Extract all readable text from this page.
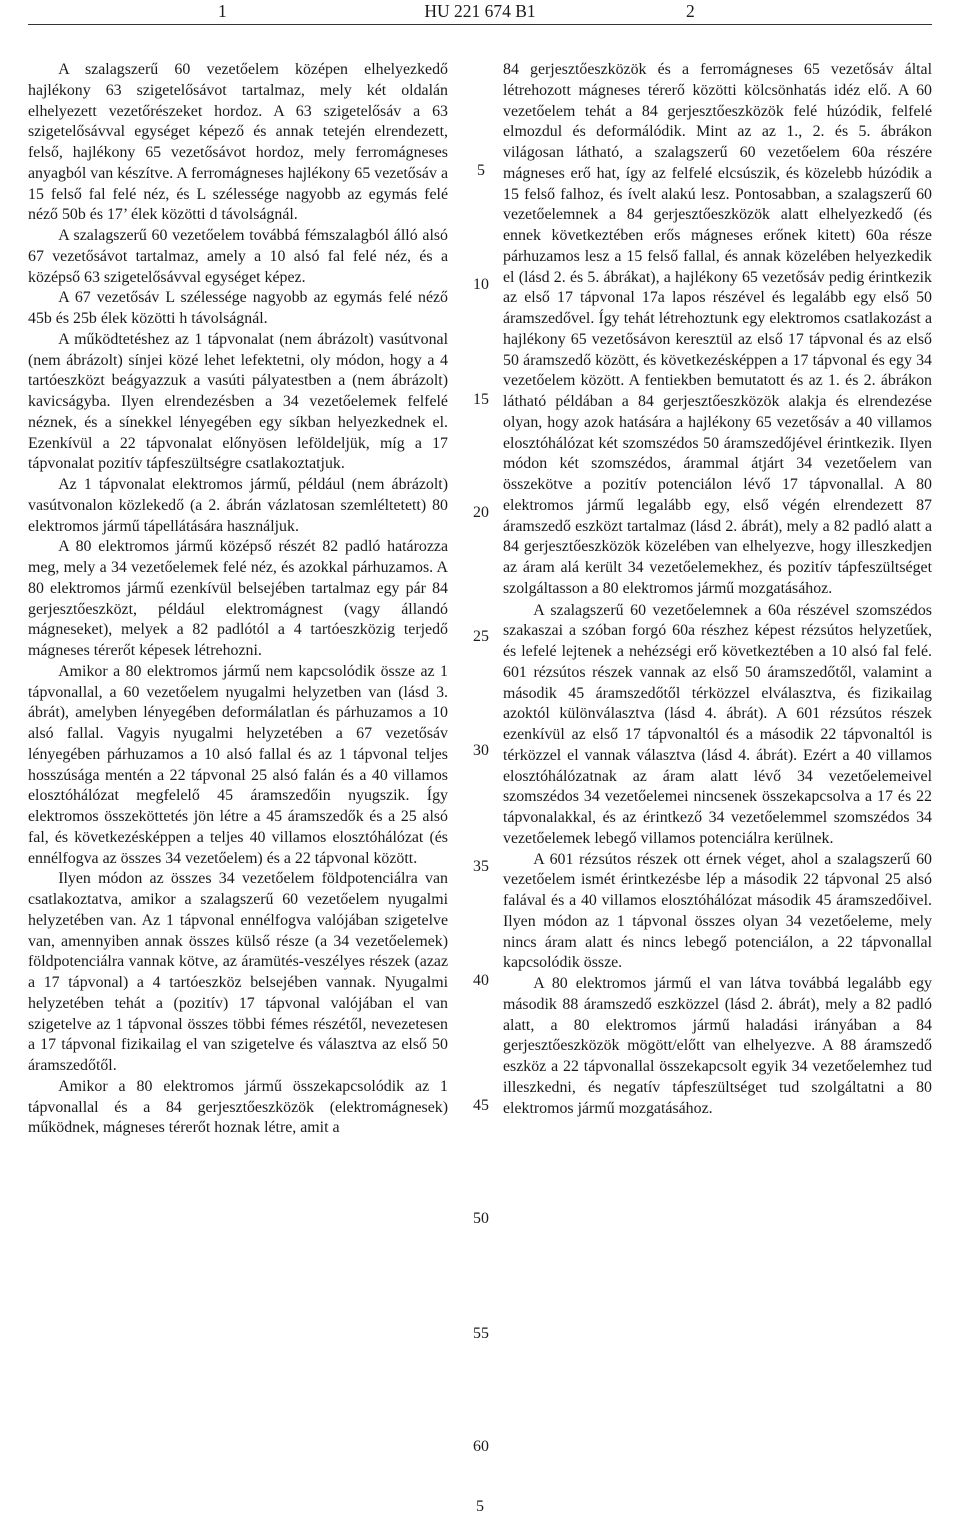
1	HU 221 674 B1	2

A szalagszerű 60 vezetőelem középen elhelyezkedő hajlékony 63 szigetelősávot tartalmaz, mely két oldalán elhelyezett vezetőrészeket hordoz. A 63 szigetelősáv a 63 szigetelősávval egységet képező és annak tetején elrendezett, felső, hajlékony 65 vezetősávot hordoz, mely ferromágneses anyagból van készítve. A ferromágneses hajlékony 65 vezetősáv a 15 felső fal felé néz, és L szélessége nagyobb az egymás felé néző 50b és 17’ élek közötti d távolságnál.

A szalagszerű 60 vezetőelem továbbá fémszalagból álló alsó 67 vezetősávot tartalmaz, amely a 10 alsó fal felé néz, és a középső 63 szigetelősávval egységet képez.

A 67 vezetősáv L szélessége nagyobb az egymás felé néző 45b és 25b élek közötti h távolságnál.

A működtetéshez az 1 tápvonalat (nem ábrázolt) vasútvonal (nem ábrázolt) sínjei közé lehet lefektetni, oly módon, hogy a 4 tartóeszközt beágyazzuk a vasúti pályatestben a (nem ábrázolt) kavicságyba. Ilyen elrendezésben a 34 vezetőelemek felfelé néznek, és a sínekkel lényegében egy síkban helyezkednek el. Ezenkívül a 22 tápvonalat előnyösen leföldeljük, míg a 17 tápvonalat pozitív tápfeszültségre csatlakoztatjuk.

Az 1 tápvonalat elektromos jármű, például (nem ábrázolt) vasútvonalon közlekedő (a 2. ábrán vázlatosan szemléltetett) 80 elektromos jármű tápellátására használjuk.

A 80 elektromos jármű középső részét 82 padló határozza meg, mely a 34 vezetőelemek felé néz, és azokkal párhuzamos. A 80 elektromos jármű ezenkívül belsejében tartalmaz egy pár 84 gerjesztőeszközt, például elektromágnest (vagy állandó mágneseket), melyek a 82 padlótól a 4 tartóeszközig terjedő mágneses térerőt képesek létrehozni.

Amikor a 80 elektromos jármű nem kapcsolódik össze az 1 tápvonallal, a 60 vezetőelem nyugalmi helyzetben van (lásd 3. ábrát), amelyben lényegében deformálatlan és párhuzamos a 10 alsó fallal. Vagyis nyugalmi helyzetében a 67 vezetősáv lényegében párhuzamos a 10 alsó fallal és az 1 tápvonal teljes hosszúsága mentén a 22 tápvonal 25 alsó falán és a 40 villamos elosztóhálózat megfelelő 45 áramszedőin nyugszik. Így elektromos összeköttetés jön létre a 45 áramszedők és a 25 alsó fal, és következésképpen a teljes 40 villamos elosztóhálózat (és ennélfogva az összes 34 vezetőelem) és a 22 tápvonal között.

Ilyen módon az összes 34 vezetőelem földpotenciálra van csatlakoztatva, amikor a szalagszerű 60 vezetőelem nyugalmi helyzetében van. Az 1 tápvonal ennélfogva valójában szigetelve van, amennyiben annak összes külső része (a 34 vezetőelemek) földpotenciálra vannak kötve, az áramütés-veszélyes részek (azaz a 17 tápvonal) a 4 tartóeszköz belsejében vannak. Nyugalmi helyzetében tehát a (pozitív) 17 tápvonal valójában el van szigetelve az 1 tápvonal összes többi fémes részétől, nevezetesen a 17 tápvonal fizikailag el van szigetelve és választva az első 50 áramszedőtől.

Amikor a 80 elektromos jármű összekapcsolódik az 1 tápvonallal és a 84 gerjesztőeszközök (elektromágnesek) működnek, mágneses térerőt hoznak létre, amit a

84 gerjesztőeszközök és a ferromágneses 65 vezetősáv által létrehozott mágneses térerő közötti kölcsönhatás idéz elő. A 60 vezetőelem tehát a 84 gerjesztőeszközök felé húzódik, felfelé elmozdul és deformálódik. Mint az az 1., 2. és 5. ábrákon világosan látható, a szalagszerű 60 vezetőelem 60a részére mágneses erő hat, így az felfelé elcsúszik, és közelebb húzódik a 15 felső falhoz, és ívelt alakú lesz. Pontosabban, a szalagszerű 60 vezetőelemnek a 84 gerjesztőeszközök alatt elhelyezkedő (és ennek következtében erős mágneses erőnek kitett) 60a része párhuzamos lesz a 15 felső fallal, és annak közelében helyezkedik el (lásd 2. és 5. ábrákat), a hajlékony 65 vezetősáv pedig érintkezik az első 17 tápvonal 17a lapos részével és legalább egy első 50 áramszedővel. Így tehát létrehoztunk egy elektromos csatlakozást a hajlékony 65 vezetősávon keresztül az első 17 tápvonal és az első 50 áramszedő között, és következésképpen a 17 tápvonal és egy 34 vezetőelem között. A fentiekben bemutatott és az 1. és 2. ábrákon látható példában a 84 gerjesztőeszközök alakja és elrendezése olyan, hogy azok hatására a hajlékony 65 vezetősáv a 40 villamos elosztóhálózat két szomszédos 50 áramszedőjével érintkezik. Ilyen módon két szomszédos, árammal átjárt 34 vezetőelem van összekötve a pozitív potenciálon lévő 17 tápvonallal. A 80 elektromos jármű legalább egy, első végén elrendezett 87 áramszedő eszközt tartalmaz (lásd 2. ábrát), mely a 82 padló alatt a 84 gerjesztőeszközök közelében van elhelyezve, hogy illeszkedjen az áram alá került 34 vezetőelemekhez, és pozitív tápfeszültséget szolgáltasson a 80 elektromos jármű mozgatásához.

A szalagszerű 60 vezetőelemnek a 60a részével szomszédos szakaszai a szóban forgó 60a részhez képest rézsútos helyzetűek, és lefelé lejtenek a nehézségi erő következtében a 10 alsó fal felé. 601 rézsútos részek vannak az első 50 áramszedőtől, valamint a második 45 áramszedőtől térközzel elválasztva, és fizikailag azoktól különválasztva (lásd 4. ábrát). A 601 rézsútos részek ezenkívül az első 17 tápvonaltól és a második 22 tápvonaltól is térközzel el vannak választva (lásd 4. ábrát). Ezért a 40 villamos elosztóhálózatnak az áram alatt lévő 34 vezetőelemeivel szomszédos 34 vezetőelemei nincsenek összekapcsolva a 17 és 22 tápvonalakkal, és az érintkező 34 vezetőelemmel szomszédos 34 vezetőelemek lebegő villamos potenciálra kerülnek.

A 601 rézsútos részek ott érnek véget, ahol a szalagszerű 60 vezetőelem ismét érintkezésbe lép a második 22 tápvonal 25 alsó falával és a 40 villamos elosztóhálózat második 45 áramszedőivel. Ilyen módon az 1 tápvonal összes olyan 34 vezetőeleme, mely nincs áram alatt és nincs lebegő potenciálon, a 22 tápvonallal kapcsolódik össze.

A 80 elektromos jármű el van látva továbbá legalább egy második 88 áramszedő eszközzel (lásd 2. ábrát), mely a 82 padló alatt, a 80 elektromos jármű haladási irányában a 84 gerjesztőeszközök mögött/előtt van elhelyezve. A 88 áramszedő eszköz a 22 tápvonallal összekapcsolt egyik 34 vezetőelemhez tud illeszkedni, és negatív tápfeszültséget tud szolgáltatni a 80 elektromos jármű mozgatásához.

5
10
15
20
25
30
35
40
45
50
55
60
5
